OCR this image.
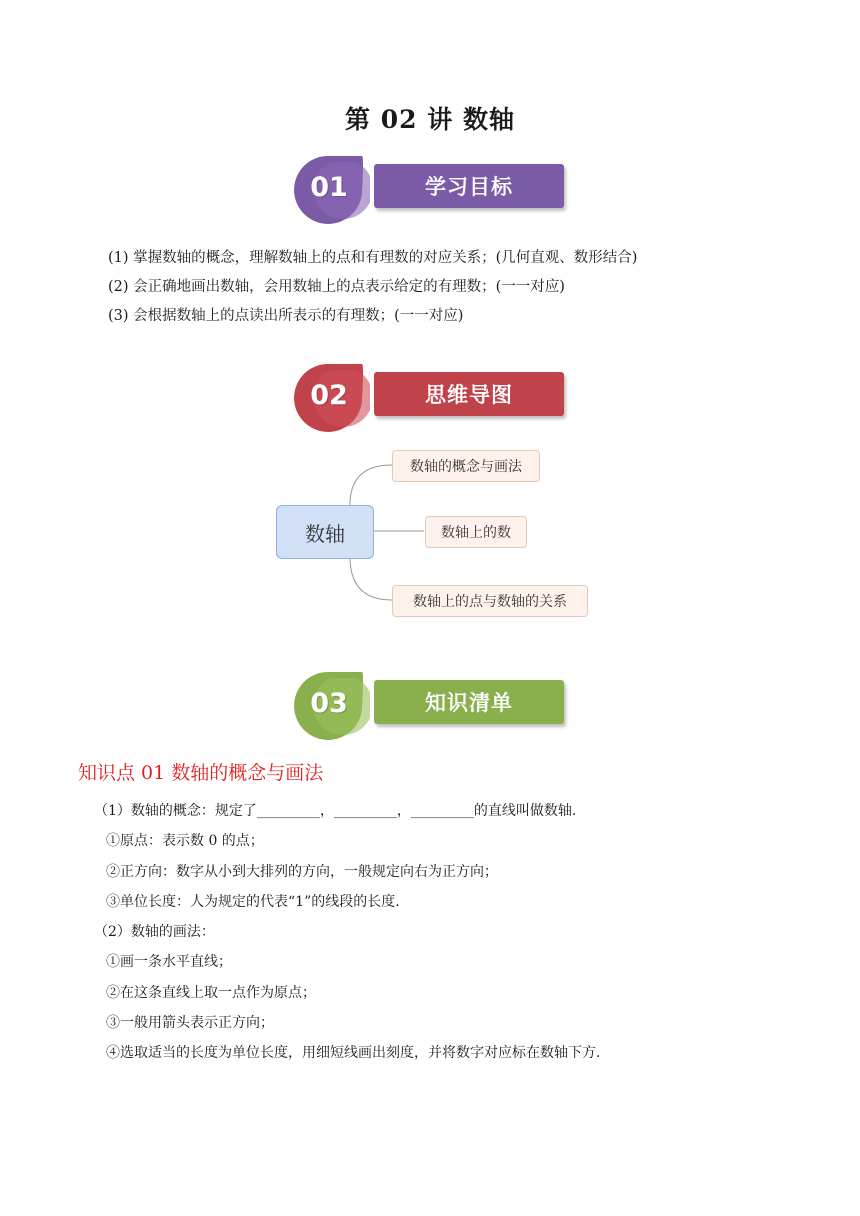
第 02 讲 数轴
01	学习目标
(1) 掌握数轴的概念，理解数轴上的点和有理数的对应关系；(几何直观、数形结合)
(2) 会正确地画出数轴，会用数轴上的点表示给定的有理数；(一一对应)
(3) 会根据数轴上的点读出所表示的有理数；(一一对应)
02	思维导图
数轴
数轴的概念与画法
数轴上的数
数轴上的点与数轴的关系
03	知识清单
知识点 01 数轴的概念与画法
（1）数轴的概念：规定了_________，_________，_________的直线叫做数轴．
①原点：表示数 0 的点；
②正方向：数字从小到大排列的方向，一般规定向右为正方向；
③单位长度：人为规定的代表“1”的线段的长度.
（2）数轴的画法：
①画一条水平直线；
②在这条直线上取一点作为原点；
③一般用箭头表示正方向；
④选取适当的长度为单位长度，用细短线画出刻度，并将数字对应标在数轴下方．
